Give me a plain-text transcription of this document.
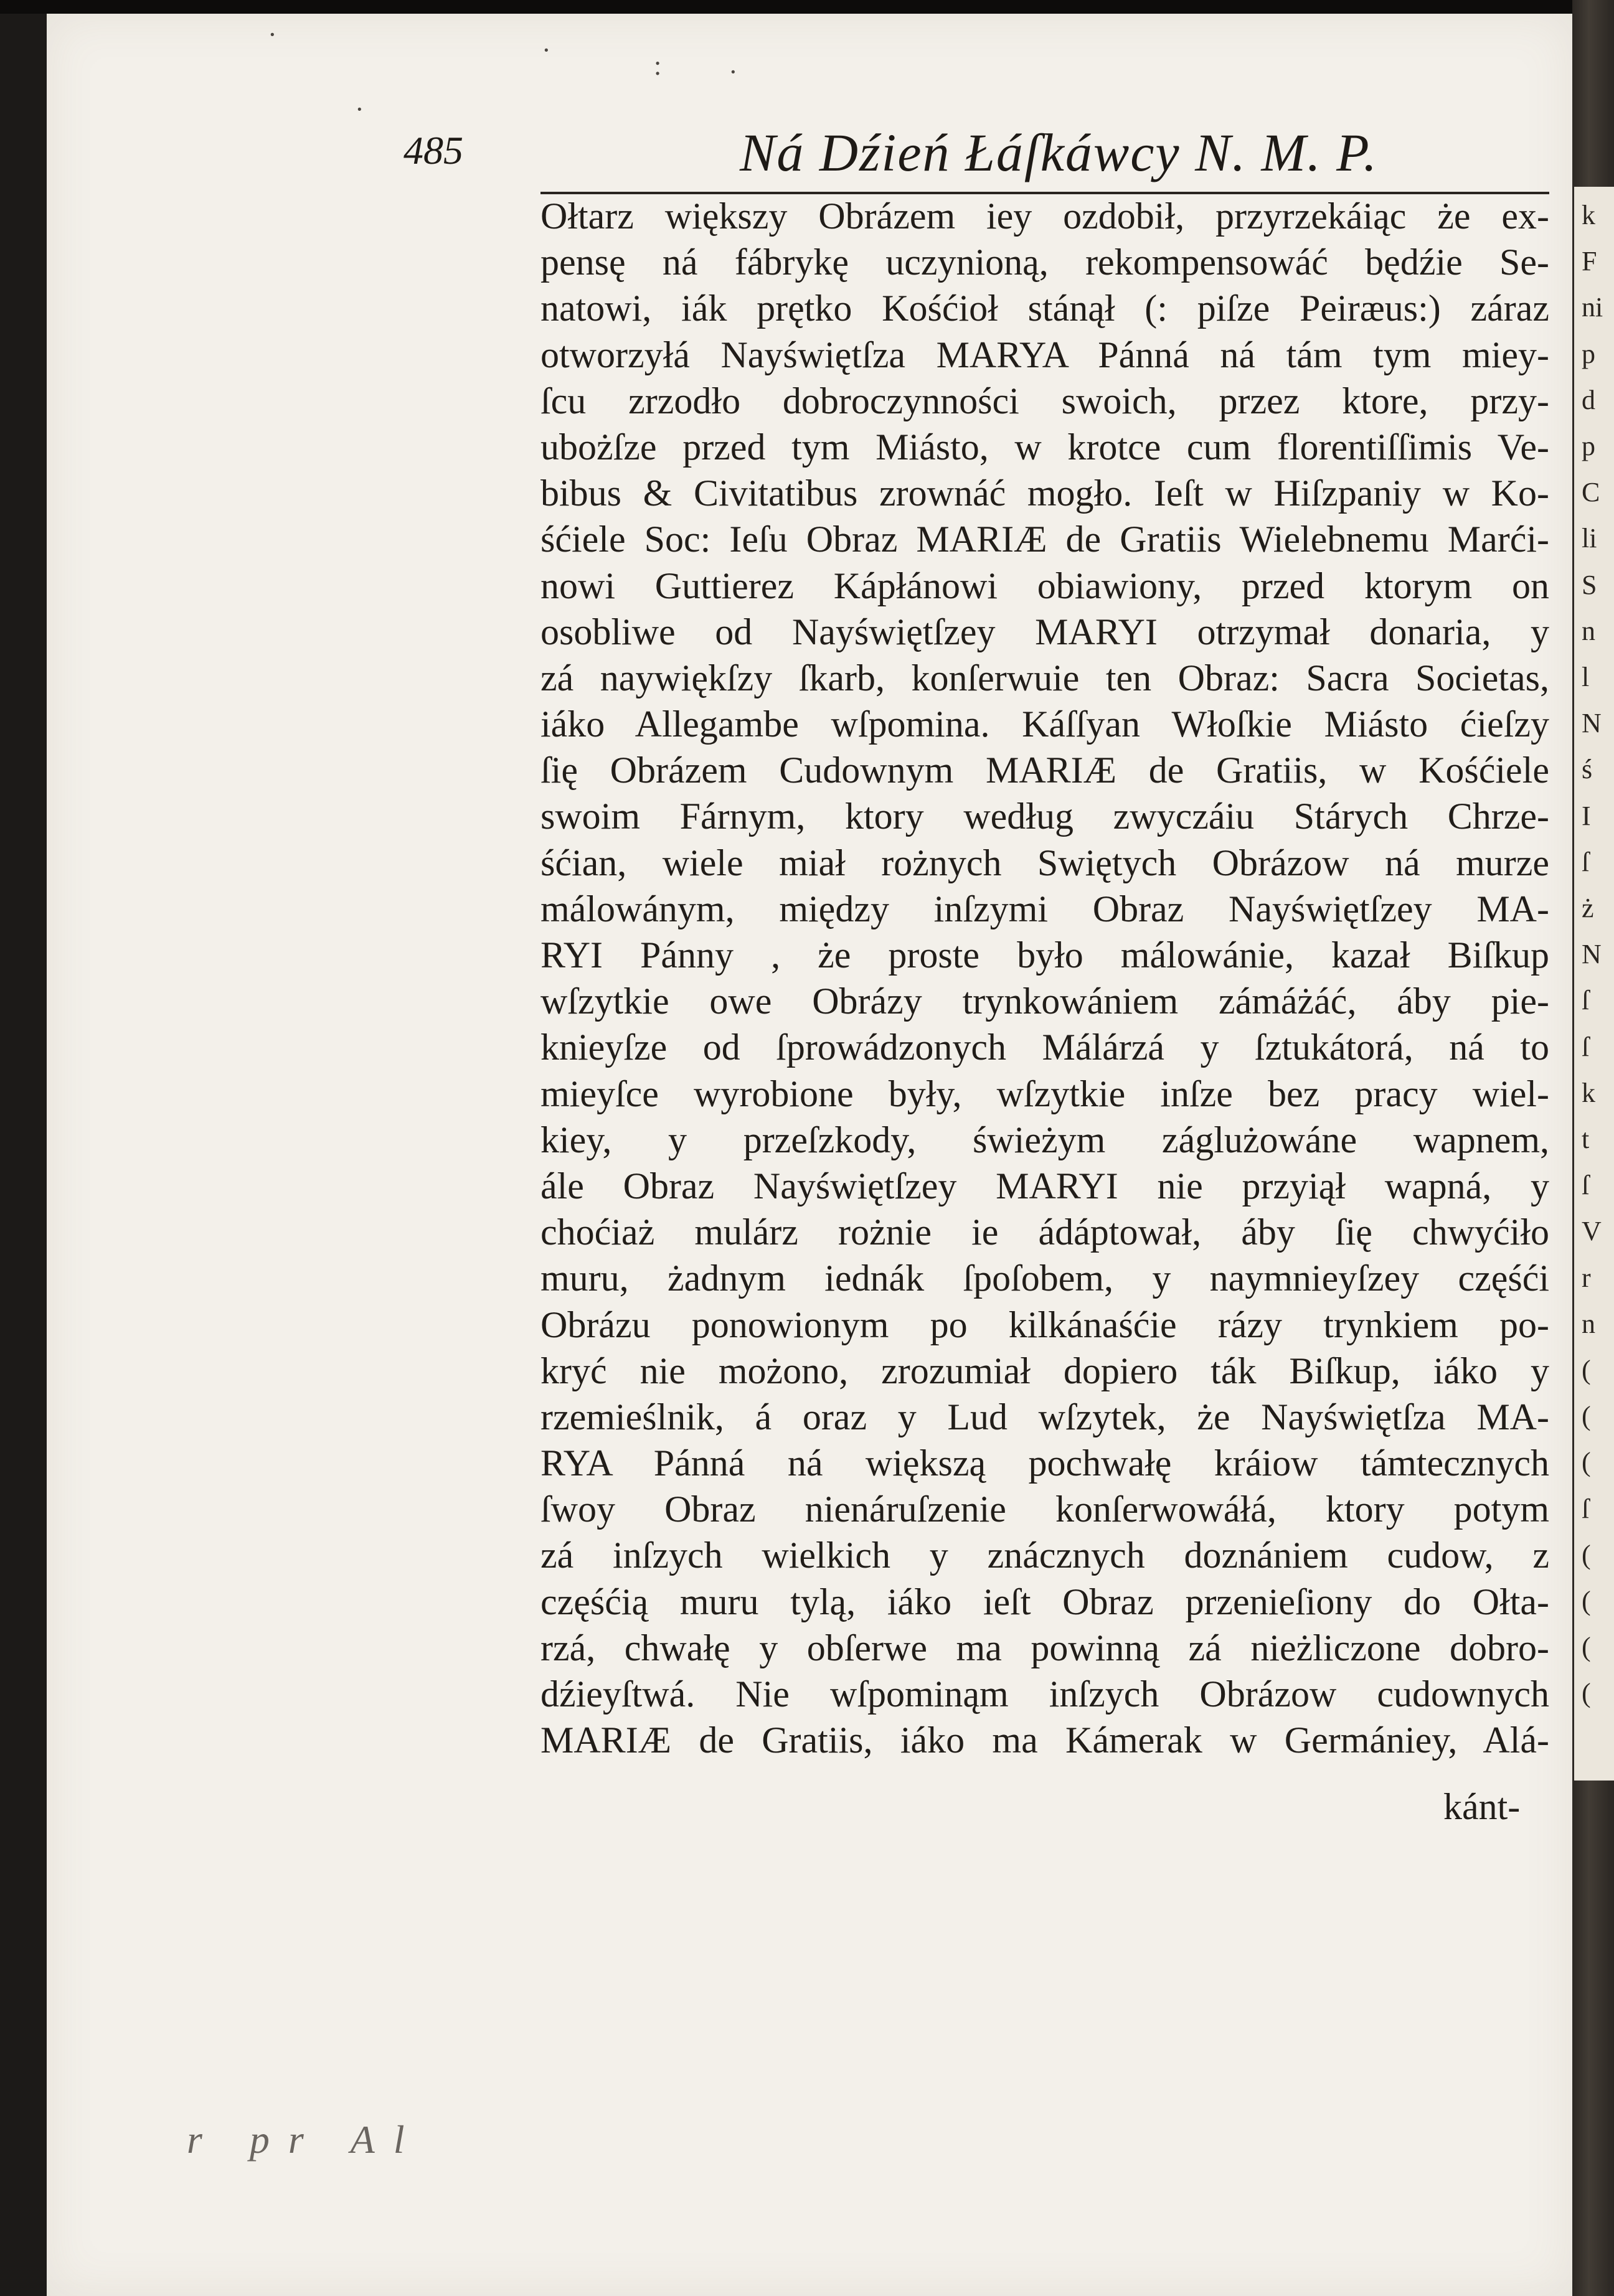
k
F
ni
p
d
p
C
li
S
n
l
N
ś
I
ſ
ż
N
ſ
ſ
k
t
ſ
V
r
n
(
(
(
ſ
(
(
(
(
·
·
: ·
·
485	Ná Dźień Łáſkáwcy N. M. P.
Ołtarz większy Obrázem iey ozdobił, przyrzekáiąc że ex-
pensę ná fábrykę uczynioną, rekompensowáć będźie Se-
natowi, iák prętko Kośćioł stánął (: piſze Peiræus:) záraz
otworzyłá Nayświętſza MARYA Pánná ná tám tym miey-
ſcu zrzodło dobroczynności swoich, przez ktore, przy-
ubożſze przed tym Miásto, w krotce cum florentiſſimis Ve-
bibus & Civitatibus zrownáć mogło. Ieſt w Hiſzpaniy w Ko-
śćiele Soc: Ieſu Obraz MARIÆ de Gratiis Wielebnemu Marći-
nowi Guttierez Kápłánowi obiawiony, przed ktorym on
osobliwe od Nayświętſzey MARYI otrzymał donaria, y
zá naywiękſzy ſkarb, konſerwuie ten Obraz: Sacra Societas,
iáko Allegambe wſpomina. Káſſyan Włoſkie Miásto ćieſzy
ſię Obrázem Cudownym MARIÆ de Gratiis, w Kośćiele
swoim Fárnym, ktory według zwyczáiu Stárych Chrze-
śćian, wiele miał rożnych Swiętych Obrázow ná murze
málowánym, między inſzymi Obraz Nayświętſzey MA-
RYI Pánny , że proste było málowánie, kazał Biſkup
wſzytkie owe Obrázy trynkowániem zámáżáć, áby pie-
knieyſze od ſprowádzonych Málárzá y ſztukátorá, ná to
mieyſce wyrobione były, wſzytkie inſze bez pracy wiel-
kiey, y przeſzkody, świeżym záglużowáne wapnem,
ále Obraz Nayświętſzey MARYI nie przyiął wapná, y
choćiaż mulárz rożnie ie ádáptował, áby ſię chwyćiło
muru, żadnym iednák ſpoſobem, y naymnieyſzey częśći
Obrázu ponowionym po kilkánaśćie rázy trynkiem po-
kryć nie możono, zrozumiał dopiero ták Biſkup, iáko y
rzemieślnik, á oraz y Lud wſzytek, że Nayświętſza MA-
RYA Pánná ná większą pochwałę kráiow támtecznych
ſwoy Obraz nienáruſzenie konſerwowáłá, ktory potym
zá inſzych wielkich y znácznych doznániem cudow, z
częśćią muru tylą, iáko ieſt Obraz przenieſiony do Ołta-
rzá, chwałę y obſerwe ma powinną zá nieżliczone dobro-
dźieyſtwá. Nie wſpominąm inſzych Obrázow cudownych
MARIÆ de Gratiis, iáko ma Kámerak w Germániey, Alá-
kánt-
r pr Al
